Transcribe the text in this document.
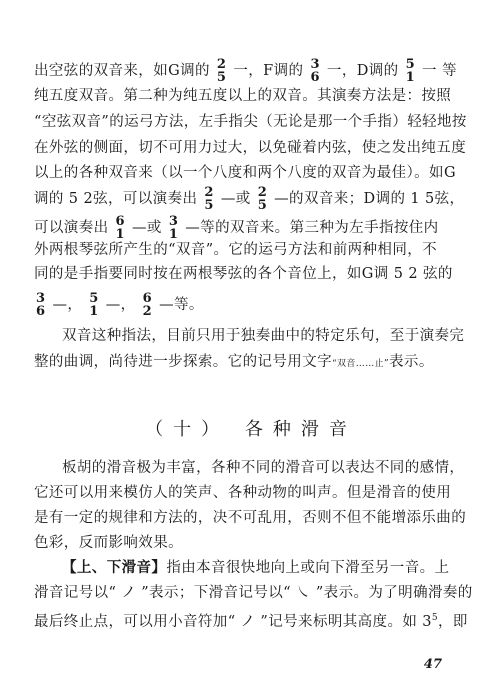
出空弦的双音来，如G调的 2
5 一，F调的 3
6 一，D调的 5
1 一 等
纯五度双音。第二种为纯五度以上的双音。其演奏方法是：按照
“空弦双音”的运弓方法，左手指尖（无论是那一个手指）轻轻地按
在外弦的侧面，切不可用力过大，以免碰着内弦，使之发出纯五度
以上的各种双音来（以一个八度和两个八度的双音为最佳）。如G
调的 5 2弦，可以演奏出 2
5 —或 2
5 —的双音来；D调的 1 5弦，
可以演奏出 6
1 —或 3
1 —等的双音来。第三种为左手指按住内
外两根琴弦所产生的“双音”。它的运弓方法和前两种相同，不
同的是手指要同时按在两根琴弦的各个音位上，如G调 5 2 弦的
3
6 —， 5
1 —， 6
2 —等。
双音这种指法，目前只用于独奏曲中的特定乐句，至于演奏完
整的曲调，尚待进一步探索。它的记号用文字“双音……止”表示。
（十） 各种滑音
板胡的滑音极为丰富，各种不同的滑音可以表达不同的感情，
它还可以用来模仿人的笑声、各种动物的叫声。但是滑音的使用
是有一定的规律和方法的，决不可乱用，否则不但不能增添乐曲的
色彩，反而影响效果。
【上、下滑音】指由本音很快地向上或向下滑至另一音。上
滑音记号以“ ノ ”表示；下滑音记号以“ ㇏ ”表示。为了明确滑奏的
最后终止点，可以用小音符加“ ノ ”记号来标明其高度。如 $3^5$，即
47
